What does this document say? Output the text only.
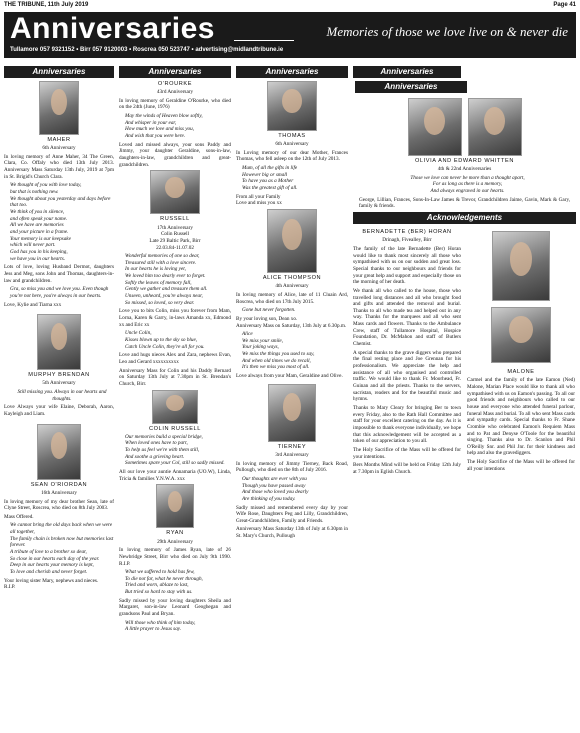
THE TRIBUNE, 11th July 2019	Page 41
Anniversaries	Memories of those we love live on & never die
Tullamore 057 9321152 • Birr 057 9120003 • Roscrea 050 523747 • advertising@midlandtribune.ie
Anniversaries
MAHER
6th Anniversary
In loving memory of Anne Maher, 34 The Green, Clara, Co. Offaly who died 13th July 2013. Anniversary Mass Saturday 13th July, 2019 at 7pm in St. Brigid's Church Clara.
We thought of you with love today,
but that is nothing new.
We thought about you yesterday and days before
that too.
We think of you in silence,
and often speak your name.
All we have are memories
and your picture in a frame.
Your memory is our keepsake
which will never part.
God has you in his keeping,
we have you in our hearts.
Lots of love, loving Husband Dermot, daughters Jess and Meg, sons John and Thomas, daughters-in-law and grandchildren.
Gra, so miss you and we love you. Even though you're not here, you're always in our hearts.
Love, Kylie and Tiarna xxx
MURPHY BRENDAN
5th Anniversary
Still missing you. Always in our hearts and thoughts.
Love Always your wife Elaine, Deborah, Aaron, Kayleigh and Liam.
SEAN O'RIORDAN
16th Anniversary
In loving memory of my dear brother Sean, late of Clyne Street, Roscrea, who died on 8th July 2003.
Mass Offered.
We cannot bring the old days back when we were all together,
The family chain is broken now but memories last forever.
A tribute of love to a brother so dear,
So close in our hearts each day of the year.
Deep in our hearts your memory is kept,
To love and cherish and never forget.
Your loving sister Mary, nephews and nieces.
R.I.P.
Anniversaries
O'ROURKE
43rd Anniversary
In loving memory of Geraldine O'Rourke, who died on the 24th (June, 1976)
May the winds of Heaven blow softly,
And whisper in your ear,
How much we love and miss you,
And wish that you were here.
Loved and missed always, your sons Paddy and Jimmy, your daughter Geraldine, sons-in-law, daughters-in-law, grandchildren and great-grandchildren.
RUSSELL
17th Anniversary
Colin Russell
Late 29 Baltic Park, Birr
22.03.84-11.07.02
Wonderful memories of one so dear,
Treasured still with a love sincere.
In our hearts he is loving yet,
We loved him too dearly ever to forget.
Softly the leaves of memory fall,
Gently we gather and treasure them all.
Unseen, unheard, you're always near,
So missed, so loved, so very dear.
Love you to bits Colin, miss you forever from Mam, Lorna, Karen & Garry, in-laws Amanda xx, Edmond xx and Eric xx
Uncle Colin,
Kisses blown up to the sky so blue,
Catch Uncle Colin, they're all for you.
Love and hugs nieces Alex and Zara, nephews Evan, Leo and Gerard xxxxxxxxxx
Anniversary Mass for Colin and his Daddy Bernard on Saturday 13th July at 7.30pm in St. Brendan's Church, Birr.
COLIN RUSSELL
Our memories build a special bridge,
When loved ones have to part,
To help us feel we're with them still,
And soothe a grieving heart.
Sometimes spare your Col, still so sadly missed.
All our love your auntie Annamaria (UO.W), Linda, Tricia & families Y.N.W.A. xxx
RYAN
29th Anniversary
In loving memory of James Ryan, late of 26 Newbridge Street, Birr who died on July 9th 1990. R.I.P.
What we suffered to hold has few,
To die not far, what he never through,
Tried and worn, ablaze to last,
But tried so hard to stay with us.
Sadly missed by your loving daughters Sheila and Margaret, son-in-law Leonard Geoghegan and grandsons Paul and Bryan.
Will those who think of him today,
A little prayer to Jesus say.
Anniversaries
THOMAS
6th Anniversary
In Loving memory of our dear Mother, Frances Thomas, who fell asleep on the 12th of July 2013.
Mum, of all the gifts in life
However big or small
To have you as a Mother
Was the greatest gift of all.
From all your Family
Love and miss you xx
ALICE THOMPSON
4th Anniversary
In loving memory of Alice, late of 11 Cluain Ard, Roscrea, who died on 17th July 2015.
Gone but never forgotten.
By your loving son, Dean xo.
Anniversary Mass on Saturday, 13th July at 6.30p.m.
Alice
We miss your smile,
Your joking ways,
We miss the things you used to say,
And when old times we do recall,
It's then we miss you most of all.
Love always from your Mam, Geraldine and Olive.
TIERNEY
3rd Anniversary
In loving memory of Jimmy Tierney, Back Road, Pullough, who died on the 8th of July 2016.
Our thoughts are ever with you
Though you have passed away
And those who loved you dearly
Are thinking of you today.
Sadly missed and remembered every day by your Wife Rose, Daughters Peg and Lilly, Grandchildren, Great-Grandchildren, Family and Friends.
Anniversary Mass Saturday 13th of July at 6.30pm in St. Mary's Church, Pullough
Anniversaries Anniversaries
OLIVIA AND EDWARD WHITTEN
4th & 22nd Anniversaries
Those we love can never be more than a thought apart,
For as long as there is a memory,
And always engraved in our hearts.
George, Lillian, Frances, Sons-In-Law James & Trevor, Grandchildren Jaime, Gavin, Mark & Gary, family & friends.
Acknowledgements
BERNADETTE (BER) HORAN
Drinagh, Fivealley, Birr
The family of the late Bernadette (Ber) Horan would like to thank most sincerely all those who sympathised with us on our sudden and great loss. Special thanks to our neighbours and friends for your great help and support and especially those on the morning of her death.
We thank all who called to the house, those who travelled long distances and all who brought food and gifts and attended the removal and burial. Thanks to all who made tea and helped out in any way. Thanks for the marquees and all who sent Mass cards and flowers. Thanks to the Ambulance Crew, staff of Tullamore Hospital, Hospice Foundation, Dr. McMahon and staff of Butlers Chemist.
A special thanks to the grave diggers who prepared the final resting place and Joe Grennan for his professionalism. We appreciate the help and assistance of all who organised and controlled traffic. We would like to thank Fr. Moorhead, Fr. Guinan and all the priests. Thanks to the servers, sacristan, readers and for the beautiful music and hymns.
Thanks to Mary Cleary for bringing Ber to town every Friday, also to the Rath Hall Committee and staff for your excellent catering on the day. As it is impossible to thank everyone individually, we hope that this acknowledgement will be accepted as a token of our appreciation to you all.
The Holy Sacrifice of the Mass will be offered for your intentions.
Bers Months Mind will be held on Friday 12th July at 7.30pm in Eglish Church.
MALONE
Carmel and the family of the late Eamon (Ned) Malone, Marian Place would like to thank all who sympathised with us on Eamon's passing. To all our good friends and neighbours who called to our house and everyone who attended funeral parlour, funeral Mass and burial. To all who sent Mass cards and sympathy cards. Special thanks to Fr. Shane Crombie who celebrated Eamon's Requiem Mass and to Pat and Denyse O'Toole for the beautiful singing. Thanks also to Dr. Scanlon and Phil O'Reilly Snr. and Phil Jnr. for their kindness and help and also the gravediggers.
The Holy Sacrifice of the Mass will be offered for all your intentions
